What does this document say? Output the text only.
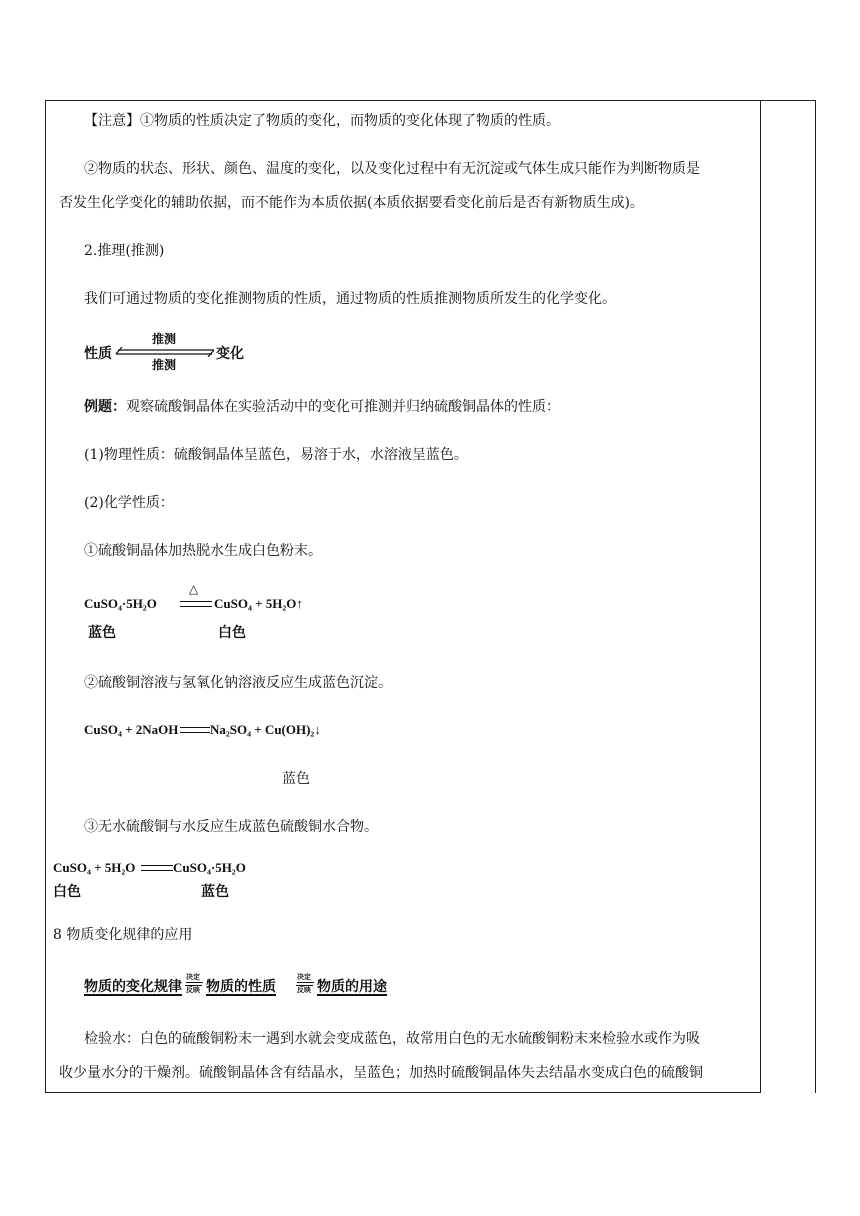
【注意】①物质的性质决定了物质的变化，而物质的变化体现了物质的性质。
②物质的状态、形状、颜色、温度的变化，以及变化过程中有无沉淀或气体生成只能作为判断物质是
否发生化学变化的辅助依据，而不能作为本质依据(本质依据要看变化前后是否有新物质生成)。
2.推理(推测)
我们可通过物质的变化推测物质的性质，通过物质的性质推测物质所发生的化学变化。
性质
推测
推测
变化
例题：观察硫酸铜晶体在实验活动中的变化可推测并归纳硫酸铜晶体的性质：
(1)物理性质：硫酸铜晶体呈蓝色，易溶于水，水溶液呈蓝色。
(2)化学性质：
①硫酸铜晶体加热脱水生成白色粉末。
CuSO₄·5H₂O
△
CuSO₄ + 5H₂O↑
蓝色	白色
②硫酸铜溶液与氢氧化钠溶液反应生成蓝色沉淀。
CuSO₄ + 2NaOH Na₂SO₄ + Cu(OH)₂↓
蓝色
③无水硫酸铜与水反应生成蓝色硫酸铜水合物。
CuSO₄ + 5H₂O	CuSO₄·5H₂O
白色	蓝色
8 物质变化规律的应用
物质的变化规律
决定
反映 物质的性质
决定
反映 物质的用途
检验水：白色的硫酸铜粉末一遇到水就会变成蓝色，故常用白色的无水硫酸铜粉末来检验水或作为吸
收少量水分的干燥剂。硫酸铜晶体含有结晶水，呈蓝色；加热时硫酸铜晶体失去结晶水变成白色的硫酸铜
